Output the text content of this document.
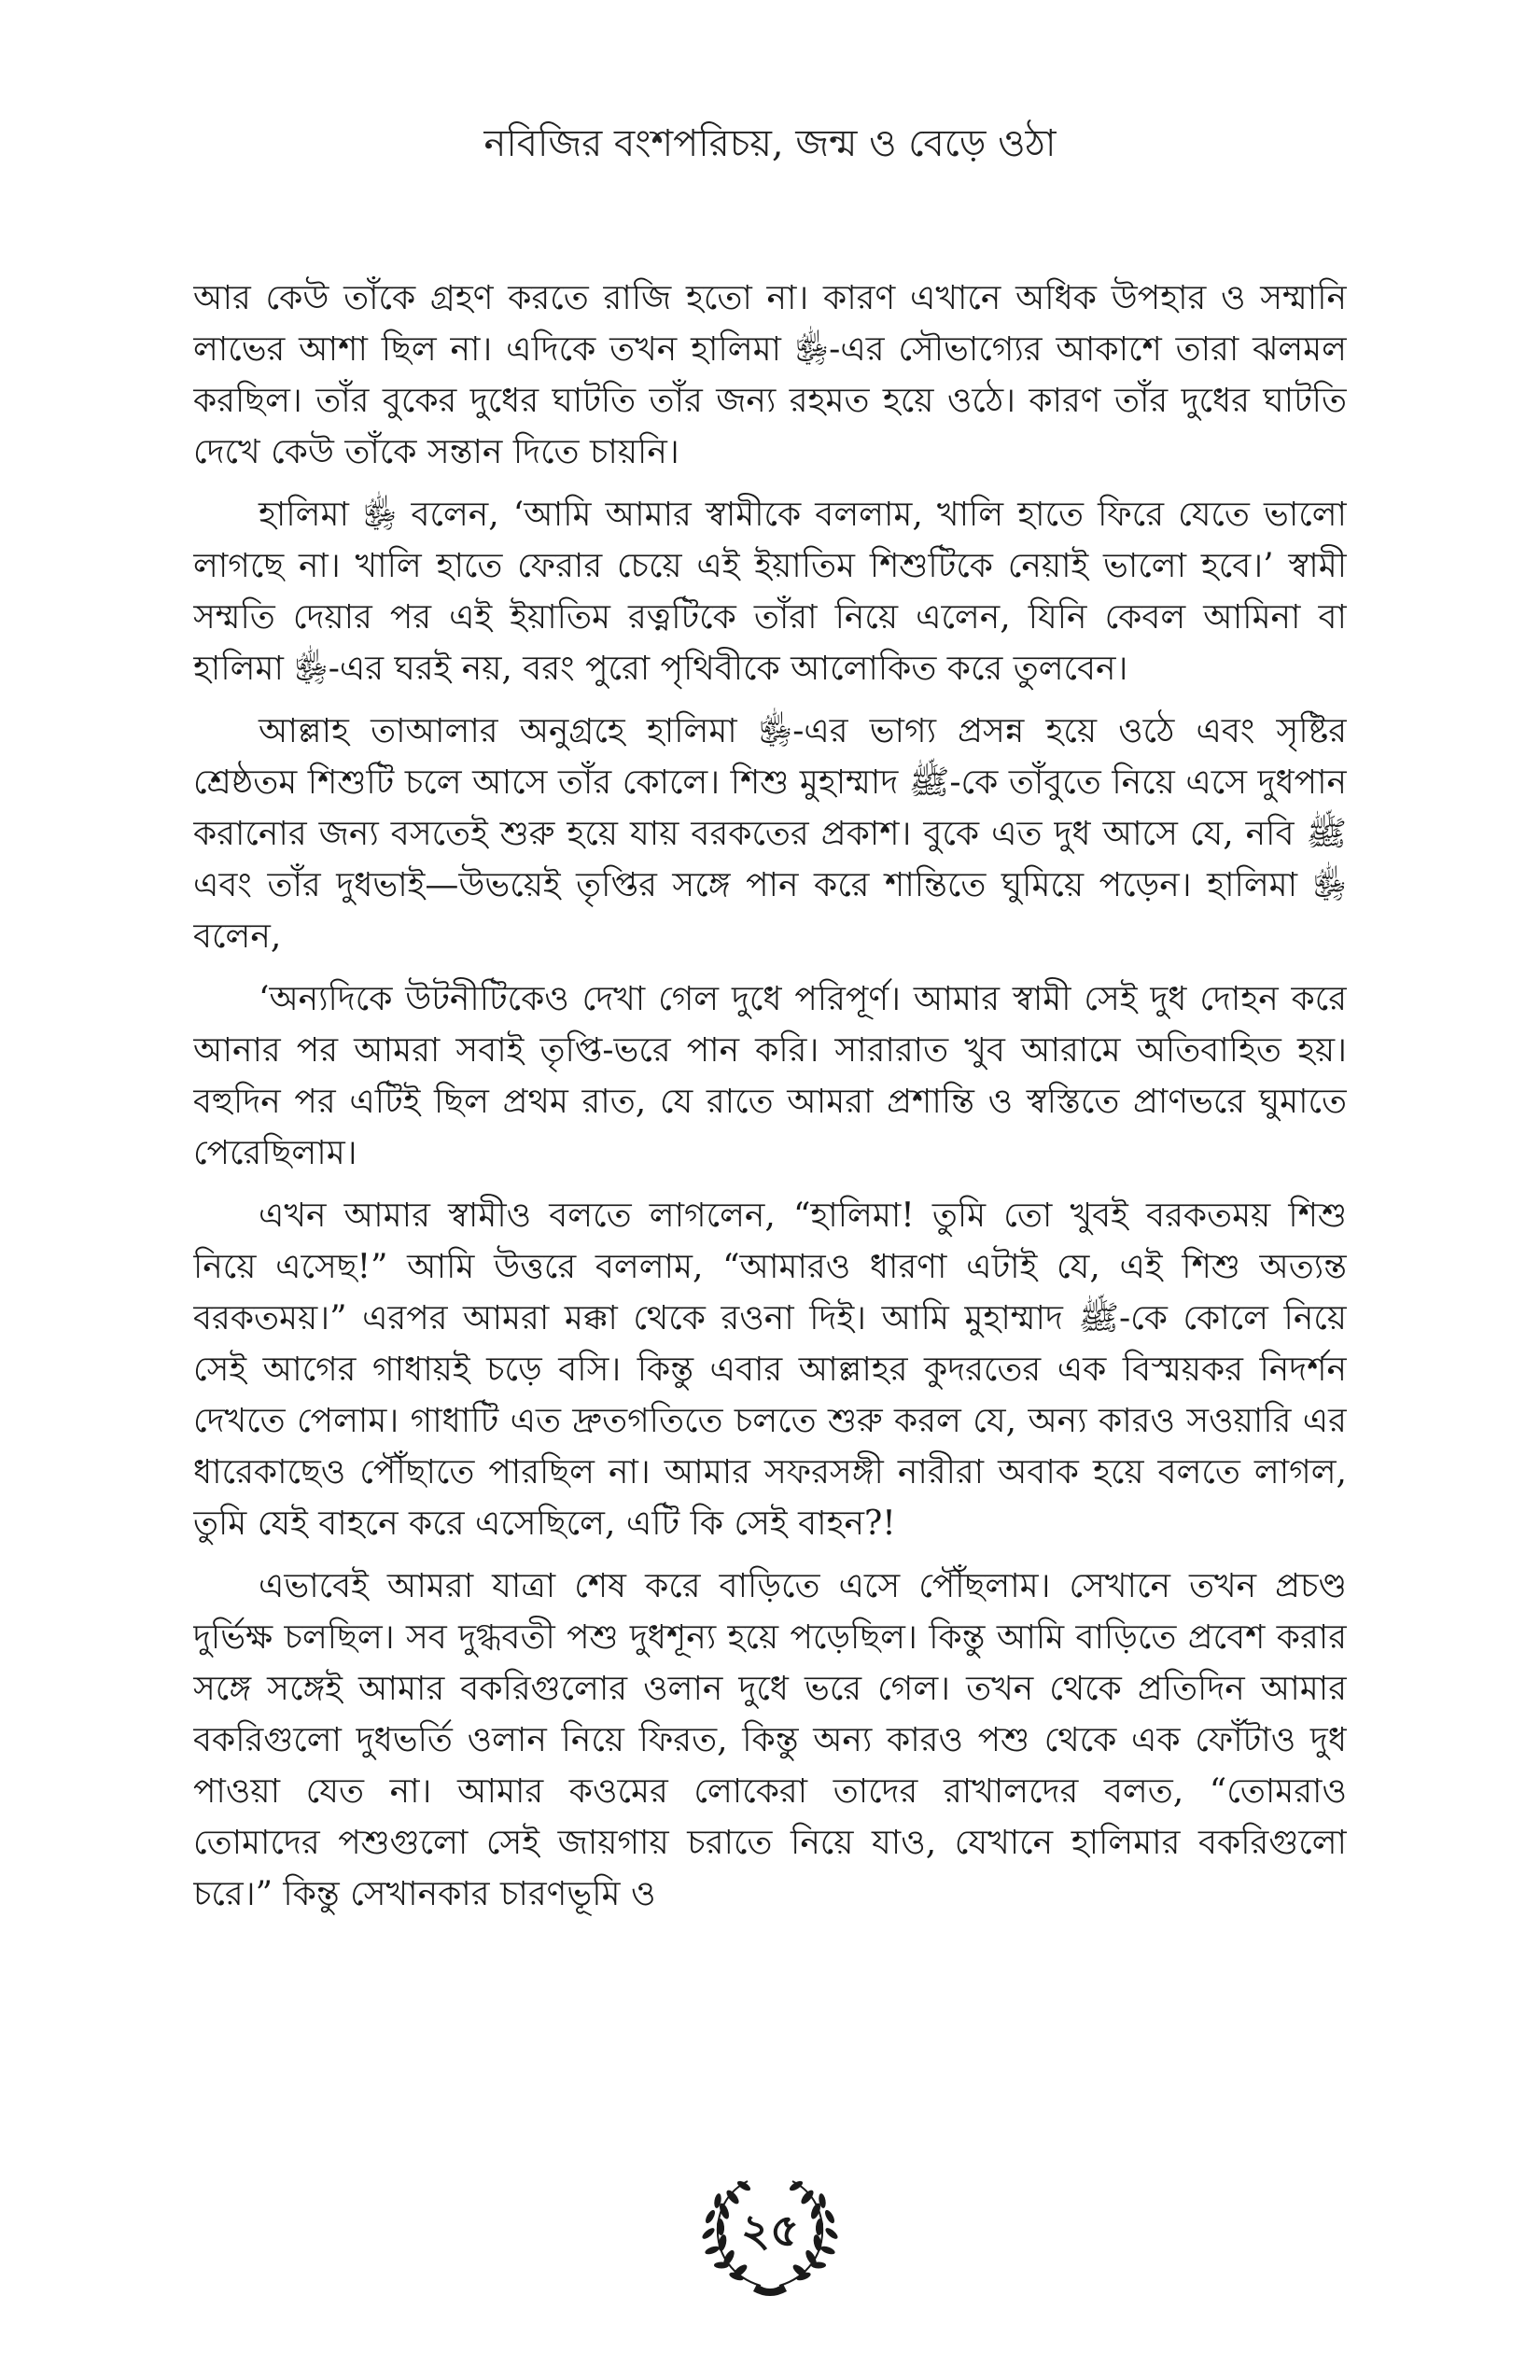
নবিজির বংশপরিচয়, জন্ম ও বেড়ে ওঠা

আর কেউ তাঁকে গ্রহণ করতে রাজি হতো না। কারণ এখানে অধিক উপহার ও সম্মানি লাভের আশা ছিল না। এদিকে তখন হালিমা ﵂-এর সৌভাগ্যের আকাশে তারা ঝলমল করছিল। তাঁর বুকের দুধের ঘাটতি তাঁর জন্য রহমত হয়ে ওঠে। কারণ তাঁর দুধের ঘাটতি দেখে কেউ তাঁকে সন্তান দিতে চায়নি।

হালিমা ﵂ বলেন, ‘আমি আমার স্বামীকে বললাম, খালি হাতে ফিরে যেতে ভালো লাগছে না। খালি হাতে ফেরার চেয়ে এই ইয়াতিম শিশুটিকে নেয়াই ভালো হবে।’ স্বামী সম্মতি দেয়ার পর এই ইয়াতিম রত্নটিকে তাঁরা নিয়ে এলেন, যিনি কেবল আমিনা বা হালিমা ﵂-এর ঘরই নয়, বরং পুরো পৃথিবীকে আলোকিত করে তুলবেন।

আল্লাহ তাআলার অনুগ্রহে হালিমা ﵂-এর ভাগ্য প্রসন্ন হয়ে ওঠে এবং সৃষ্টির শ্রেষ্ঠতম শিশুটি চলে আসে তাঁর কোলে। শিশু মুহাম্মাদ ﷺ-কে তাঁবুতে নিয়ে এসে দুধপান করানোর জন্য বসতেই শুরু হয়ে যায় বরকতের প্রকাশ। বুকে এত দুধ আসে যে, নবি ﷺ এবং তাঁর দুধভাই—উভয়েই তৃপ্তির সঙ্গে পান করে শান্তিতে ঘুমিয়ে পড়েন। হালিমা ﵂ বলেন,

‘অন্যদিকে উটনীটিকেও দেখা গেল দুধে পরিপূর্ণ। আমার স্বামী সেই দুধ দোহন করে আনার পর আমরা সবাই তৃপ্তি-ভরে পান করি। সারারাত খুব আরামে অতিবাহিত হয়। বহুদিন পর এটিই ছিল প্রথম রাত, যে রাতে আমরা প্রশান্তি ও স্বস্তিতে প্রাণভরে ঘুমাতে পেরেছিলাম।

এখন আমার স্বামীও বলতে লাগলেন, “হালিমা! তুমি তো খুবই বরকতময় শিশু নিয়ে এসেছ!” আমি উত্তরে বললাম, “আমারও ধারণা এটাই যে, এই শিশু অত্যন্ত বরকতময়।” এরপর আমরা মক্কা থেকে রওনা দিই। আমি মুহাম্মাদ ﷺ-কে কোলে নিয়ে সেই আগের গাধায়ই চড়ে বসি। কিন্তু এবার আল্লাহর কুদরতের এক বিস্ময়কর নিদর্শন দেখতে পেলাম। গাধাটি এত দ্রুতগতিতে চলতে শুরু করল যে, অন্য কারও সওয়ারি এর ধারেকাছেও পৌঁছাতে পারছিল না। আমার সফরসঙ্গী নারীরা অবাক হয়ে বলতে লাগল, তুমি যেই বাহনে করে এসেছিলে, এটি কি সেই বাহন?!

এভাবেই আমরা যাত্রা শেষ করে বাড়িতে এসে পৌঁছলাম। সেখানে তখন প্রচণ্ড দুর্ভিক্ষ চলছিল। সব দুগ্ধবতী পশু দুধশূন্য হয়ে পড়েছিল। কিন্তু আমি বাড়িতে প্রবেশ করার সঙ্গে সঙ্গেই আমার বকরিগুলোর ওলান দুধে ভরে গেল। তখন থেকে প্রতিদিন আমার বকরিগুলো দুধভর্তি ওলান নিয়ে ফিরত, কিন্তু অন্য কারও পশু থেকে এক ফোঁটাও দুধ পাওয়া যেত না। আমার কওমের লোকেরা তাদের রাখালদের বলত, “তোমরাও তোমাদের পশুগুলো সেই জায়গায় চরাতে নিয়ে যাও, যেখানে হালিমার বকরিগুলো চরে।” কিন্তু সেখানকার চারণভূমি ও

২৫
